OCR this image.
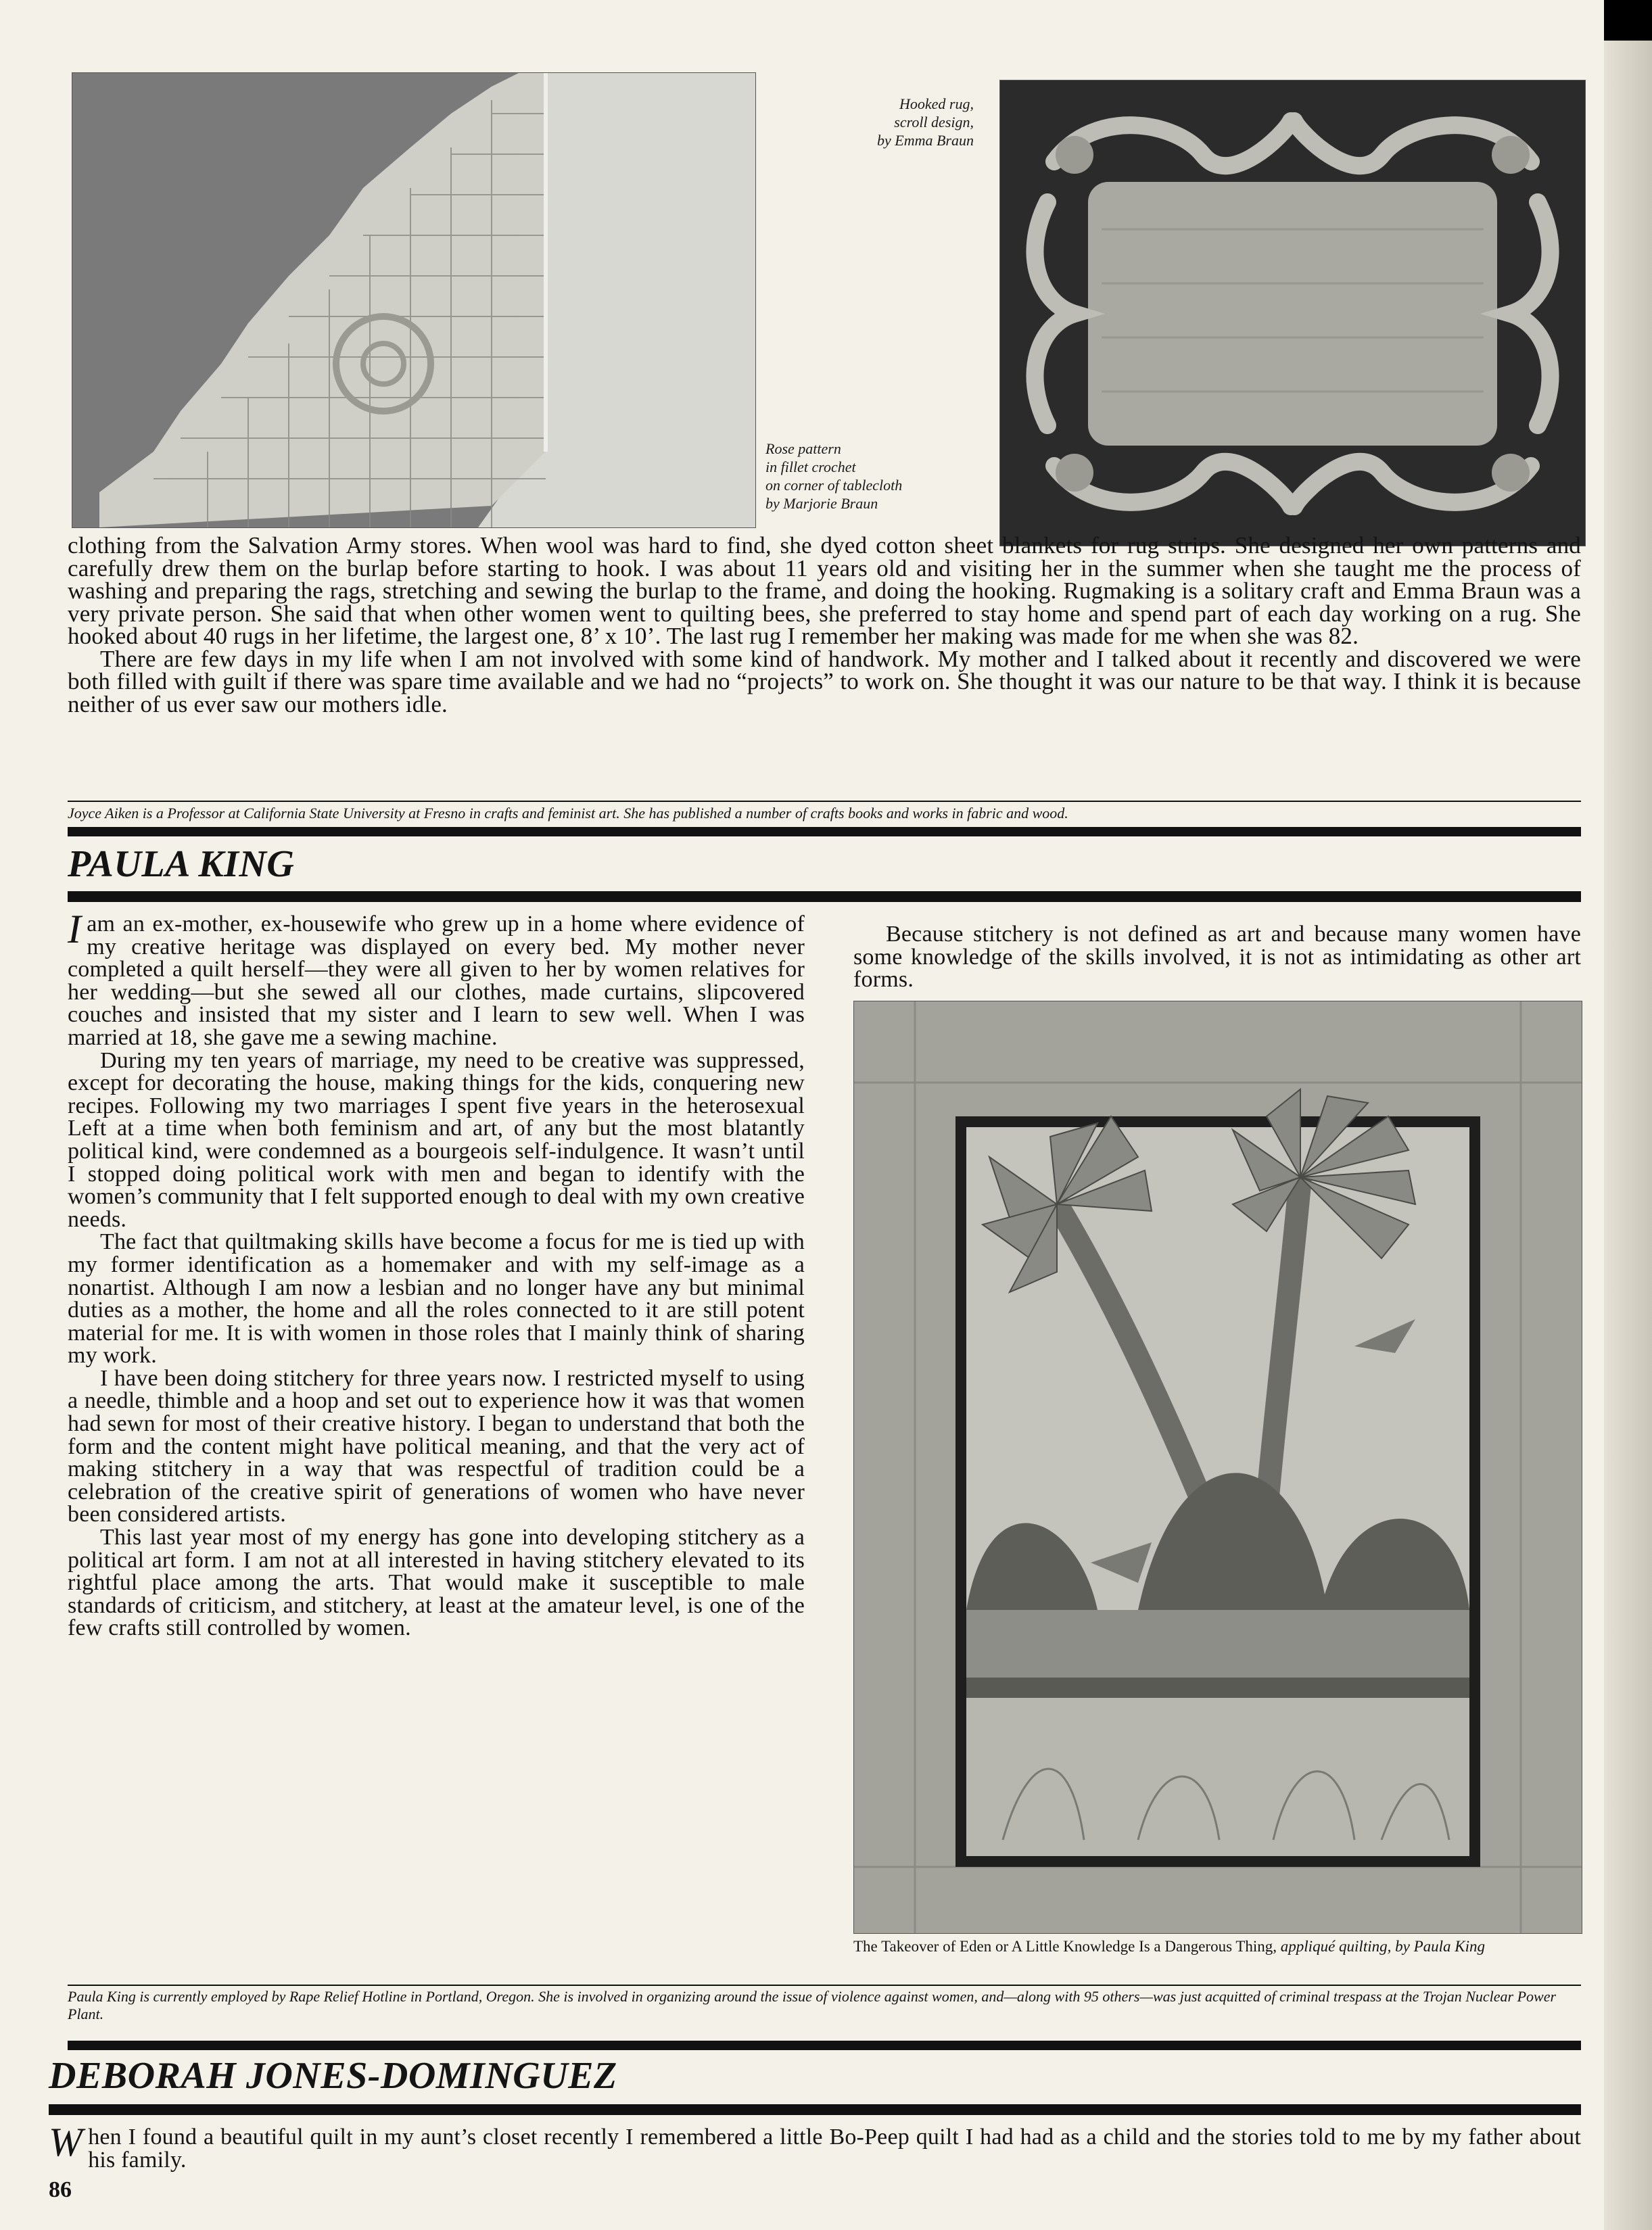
Rose pattern
in fillet crochet
on corner of tablecloth
by Marjorie Braun
Hooked rug,
scroll design,
by Emma Braun

clothing from the Salvation Army stores. When wool was hard to find, she dyed cotton sheet blankets for rug strips. She designed her own patterns and carefully drew them on the burlap before starting to hook. I was about 11 years old and visiting her in the summer when she taught me the process of washing and preparing the rags, stretching and sewing the burlap to the frame, and doing the hooking. Rugmaking is a solitary craft and Emma Braun was a very private person. She said that when other women went to quilting bees, she preferred to stay home and spend part of each day working on a rug. She hooked about 40 rugs in her lifetime, the largest one, 8’ x 10’. The last rug I remember her making was made for me when she was 82.

There are few days in my life when I am not involved with some kind of handwork. My mother and I talked about it recently and discovered we were both filled with guilt if there was spare time available and we had no “projects” to work on. She thought it was our nature to be that way. I think it is because neither of us ever saw our mothers idle.

Joyce Aiken is a Professor at California State University at Fresno in crafts and feminist art. She has published a number of crafts books and works in fabric and wood.
PAULA KING

Iam an ex-mother, ex-housewife who grew up in a home where evidence of my creative heritage was displayed on every bed. My mother never completed a quilt herself—they were all given to her by women relatives for her wedding—but she sewed all our clothes, made curtains, slipcovered couches and insisted that my sister and I learn to sew well. When I was married at 18, she gave me a sewing machine.

During my ten years of marriage, my need to be creative was suppressed, except for decorating the house, making things for the kids, conquering new recipes. Following my two marriages I spent five years in the heterosexual Left at a time when both feminism and art, of any but the most blatantly political kind, were condemned as a bourgeois self-indulgence. It wasn’t until I stopped doing political work with men and began to identify with the women’s community that I felt supported enough to deal with my own creative needs.

The fact that quiltmaking skills have become a focus for me is tied up with my former identification as a homemaker and with my self-image as a nonartist. Although I am now a lesbian and no longer have any but minimal duties as a mother, the home and all the roles connected to it are still potent material for me. It is with women in those roles that I mainly think of sharing my work.

I have been doing stitchery for three years now. I restricted myself to using a needle, thimble and a hoop and set out to experience how it was that women had sewn for most of their creative history. I began to understand that both the form and the content might have political meaning, and that the very act of making stitchery in a way that was respectful of tradition could be a celebration of the creative spirit of generations of women who have never been considered artists.

This last year most of my energy has gone into developing stitchery as a political art form. I am not at all interested in having stitchery elevated to its rightful place among the arts. That would make it susceptible to male standards of criticism, and stitchery, at least at the amateur level, is one of the few crafts still controlled by women.

Because stitchery is not defined as art and because many women have some knowledge of the skills involved, it is not as intimidating as other art forms.

The Takeover of Eden or A Little Knowledge Is a Dangerous Thing, appliqué quilting, by Paula King
Paula King is currently employed by Rape Relief Hotline in Portland, Oregon. She is involved in organizing around the issue of violence against women, and—along with 95 others—was just acquitted of criminal trespass at the Trojan Nuclear Power Plant.
DEBORAH JONES-DOMINGUEZ

When I found a beautiful quilt in my aunt’s closet recently I remembered a little Bo-Peep quilt I had had as a child and the stories told to me by my father about his family.

86
